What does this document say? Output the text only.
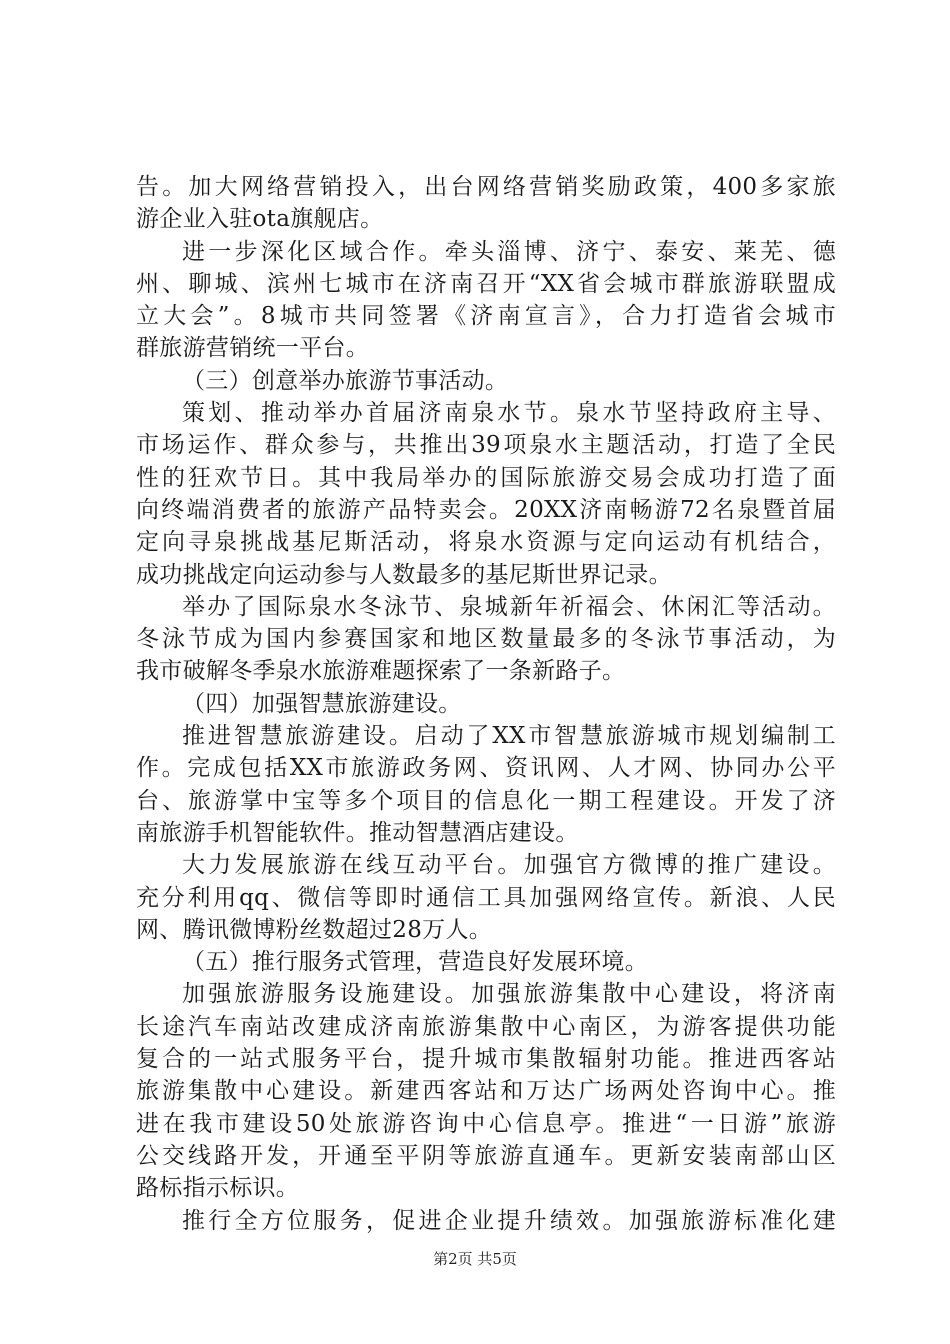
告。加大网络营销投入，出台网络营销奖励政策，400多家旅
游企业入驻ota旗舰店。
进一步深化区域合作。牵头淄博、济宁、泰安、莱芜、德
州、聊城、滨州七城市在济南召开“XX省会城市群旅游联盟成
立大会”。8城市共同签署《济南宣言》，合力打造省会城市
群旅游营销统一平台。
（三）创意举办旅游节事活动。
策划、推动举办首届济南泉水节。泉水节坚持政府主导、
市场运作、群众参与，共推出39项泉水主题活动，打造了全民
性的狂欢节日。其中我局举办的国际旅游交易会成功打造了面
向终端消费者的旅游产品特卖会。20XX济南畅游72名泉暨首届
定向寻泉挑战基尼斯活动，将泉水资源与定向运动有机结合，
成功挑战定向运动参与人数最多的基尼斯世界记录。
举办了国际泉水冬泳节、泉城新年祈福会、休闲汇等活动。
冬泳节成为国内参赛国家和地区数量最多的冬泳节事活动，为
我市破解冬季泉水旅游难题探索了一条新路子。
（四）加强智慧旅游建设。
推进智慧旅游建设。启动了XX市智慧旅游城市规划编制工
作。完成包括XX市旅游政务网、资讯网、人才网、协同办公平
台、旅游掌中宝等多个项目的信息化一期工程建设。开发了济
南旅游手机智能软件。推动智慧酒店建设。
大力发展旅游在线互动平台。加强官方微博的推广建设。
充分利用qq、微信等即时通信工具加强网络宣传。新浪、人民
网、腾讯微博粉丝数超过28万人。
（五）推行服务式管理，营造良好发展环境。
加强旅游服务设施建设。加强旅游集散中心建设，将济南
长途汽车南站改建成济南旅游集散中心南区，为游客提供功能
复合的一站式服务平台，提升城市集散辐射功能。推进西客站
旅游集散中心建设。新建西客站和万达广场两处咨询中心。推
进在我市建设50处旅游咨询中心信息亭。推进“一日游”旅游
公交线路开发，开通至平阴等旅游直通车。更新安装南部山区
路标指示标识。
推行全方位服务，促进企业提升绩效。加强旅游标准化建
第2页 共5页
